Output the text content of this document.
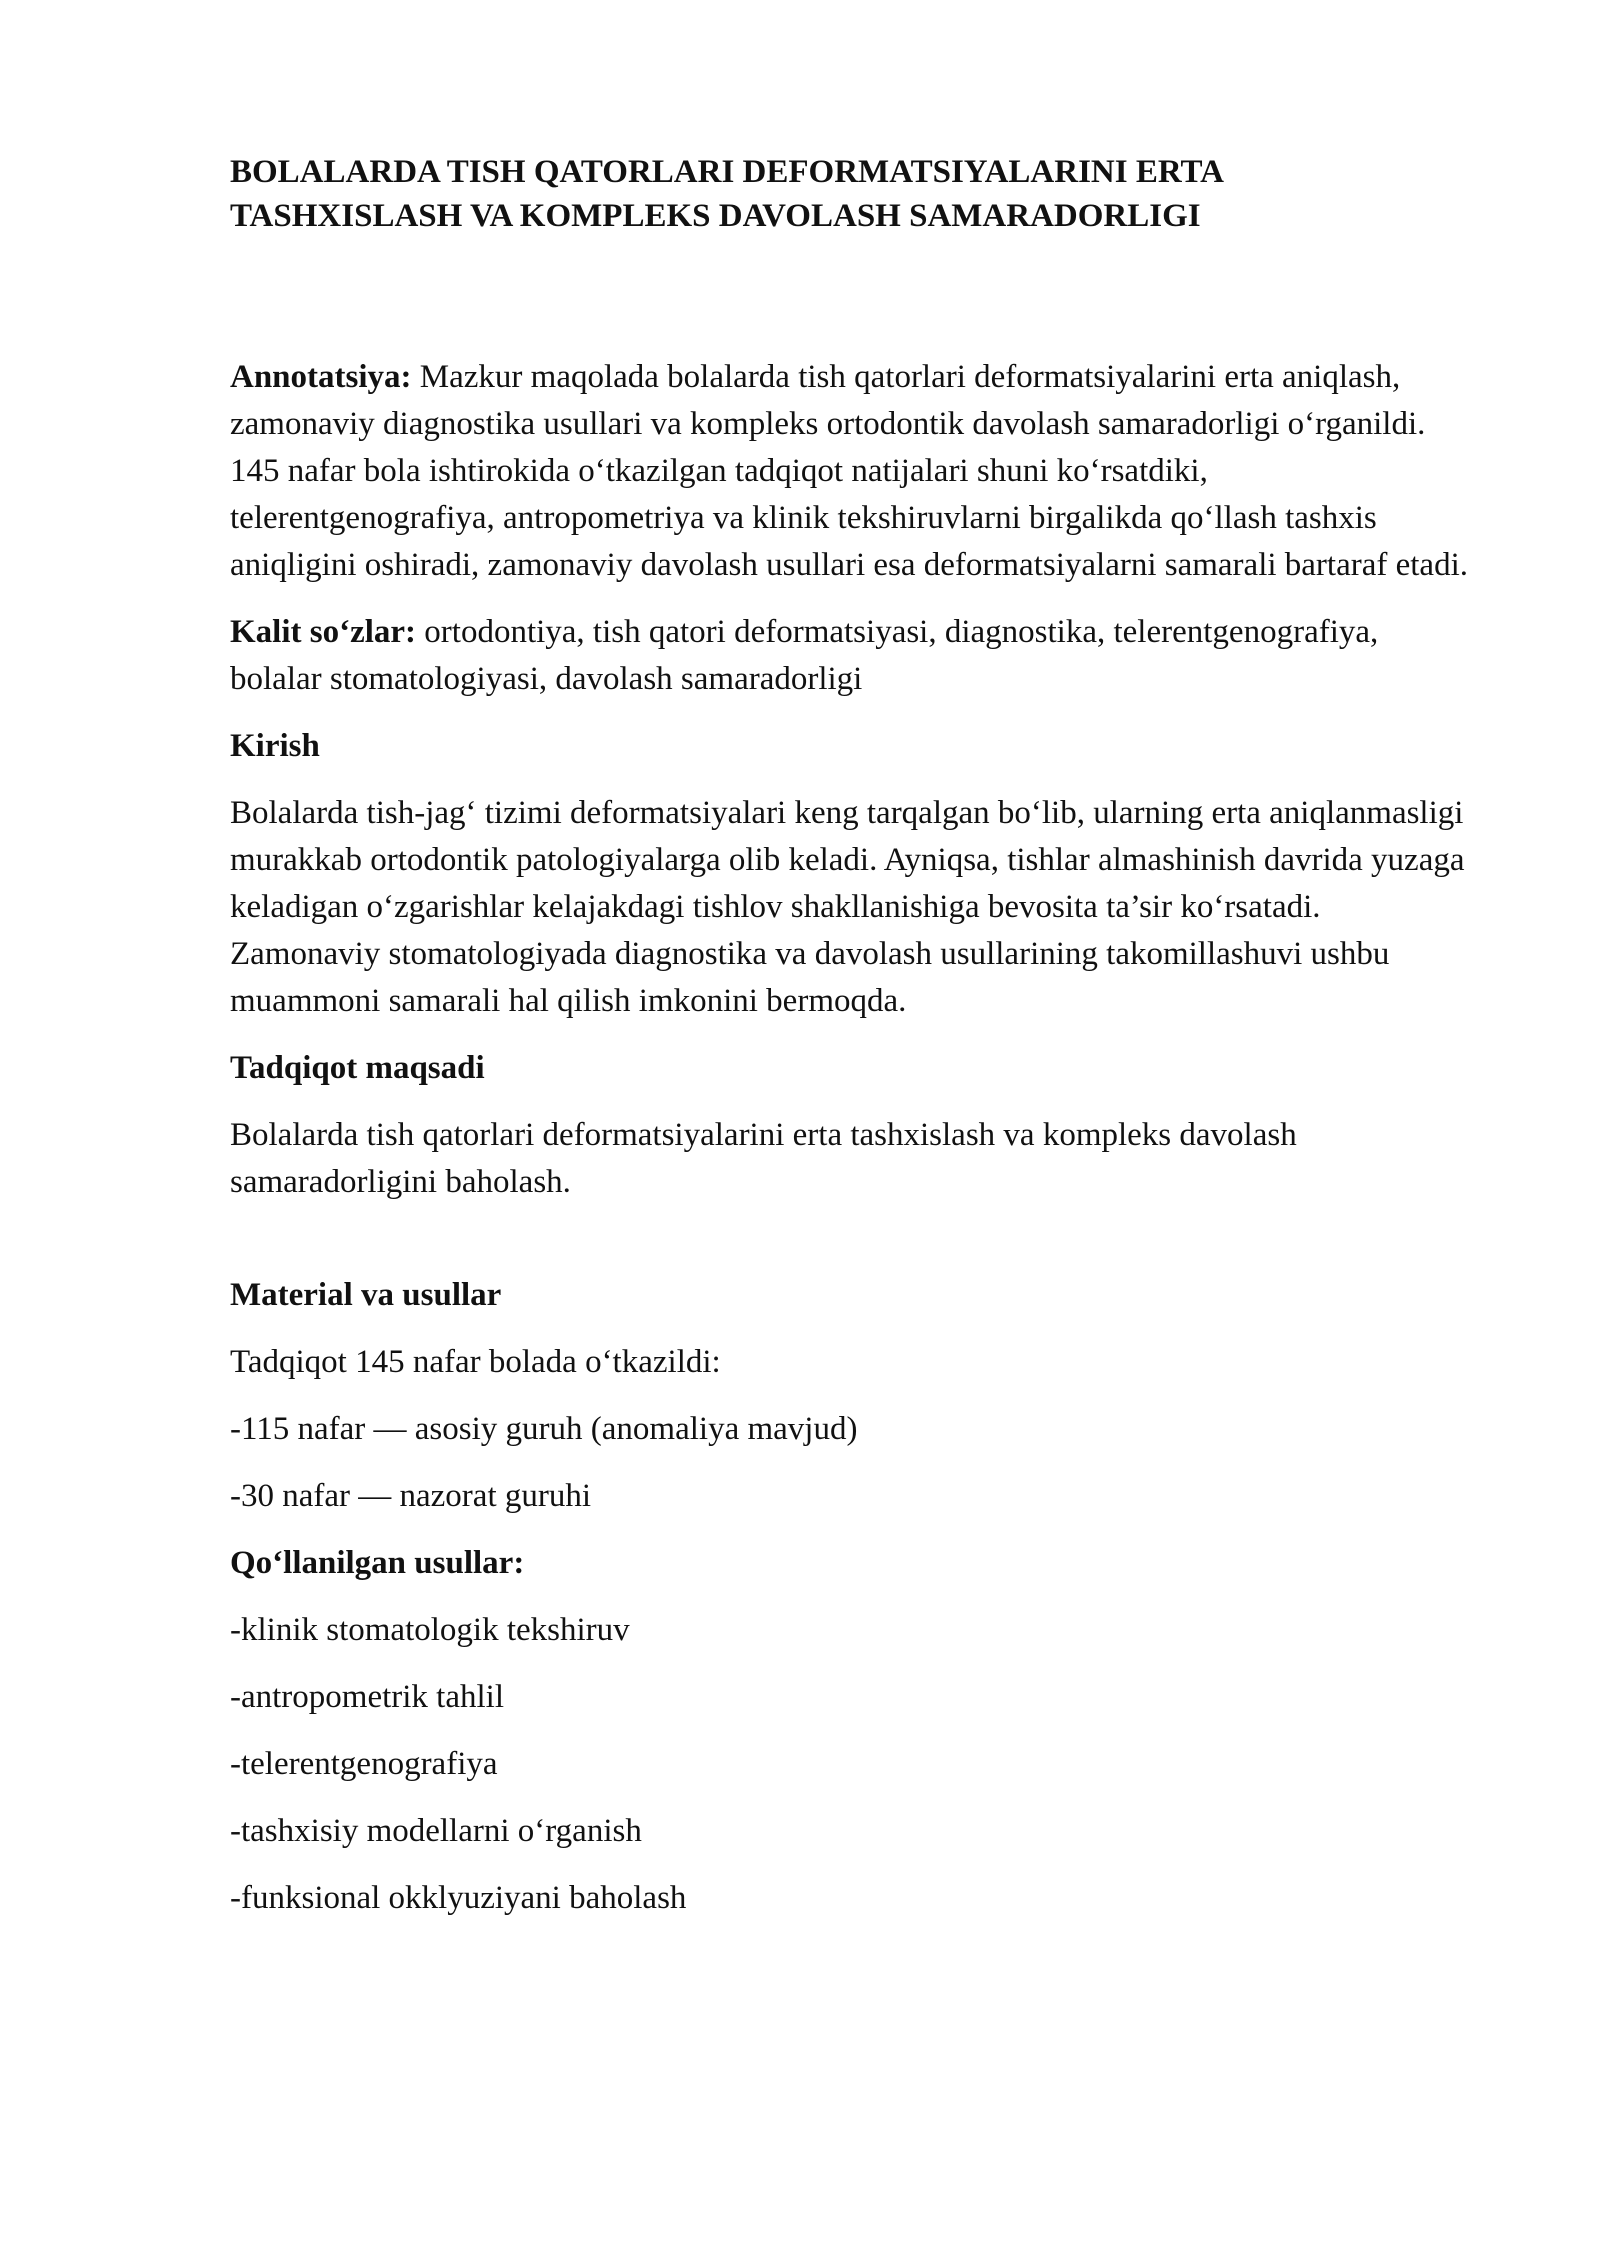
BOLALARDA TISH QATORLARI DEFORMATSIYALARINI ERTA
TASHXISLASH VA KOMPLEKS DAVOLASH SAMARADORLIGI

Annotatsiya: Mazkur maqolada bolalarda tish qatorlari deformatsiyalarini erta aniqlash, zamonaviy diagnostika usullari va kompleks ortodontik davolash samaradorligi o‘rganildi. 145 nafar bola ishtirokida o‘tkazilgan tadqiqot natijalari shuni ko‘rsatdiki, telerentgenografiya, antropometriya va klinik tekshiruvlarni birgalikda qo‘llash tashxis aniqligini oshiradi, zamonaviy davolash usullari esa deformatsiyalarni samarali bartaraf etadi.

Kalit so‘zlar: ortodontiya, tish qatori deformatsiyasi, diagnostika, telerentgenografiya, bolalar stomatologiyasi, davolash samaradorligi

Kirish

Bolalarda tish-jag‘ tizimi deformatsiyalari keng tarqalgan bo‘lib, ularning erta aniqlanmasligi murakkab ortodontik patologiyalarga olib keladi. Ayniqsa, tishlar almashinish davrida yuzaga keladigan o‘zgarishlar kelajakdagi tishlov shakllanishiga bevosita ta’sir ko‘rsatadi. Zamonaviy stomatologiyada diagnostika va davolash usullarining takomillashuvi ushbu muammoni samarali hal qilish imkonini bermoqda.

Tadqiqot maqsadi

Bolalarda tish qatorlari deformatsiyalarini erta tashxislash va kompleks davolash samaradorligini baholash.

Material va usullar

Tadqiqot 145 nafar bolada o‘tkazildi:

-115 nafar — asosiy guruh (anomaliya mavjud)

-30 nafar — nazorat guruhi

Qo‘llanilgan usullar:

-klinik stomatologik tekshiruv

-antropometrik tahlil

-telerentgenografiya

-tashxisiy modellarni o‘rganish

-funksional okklyuziyani baholash
